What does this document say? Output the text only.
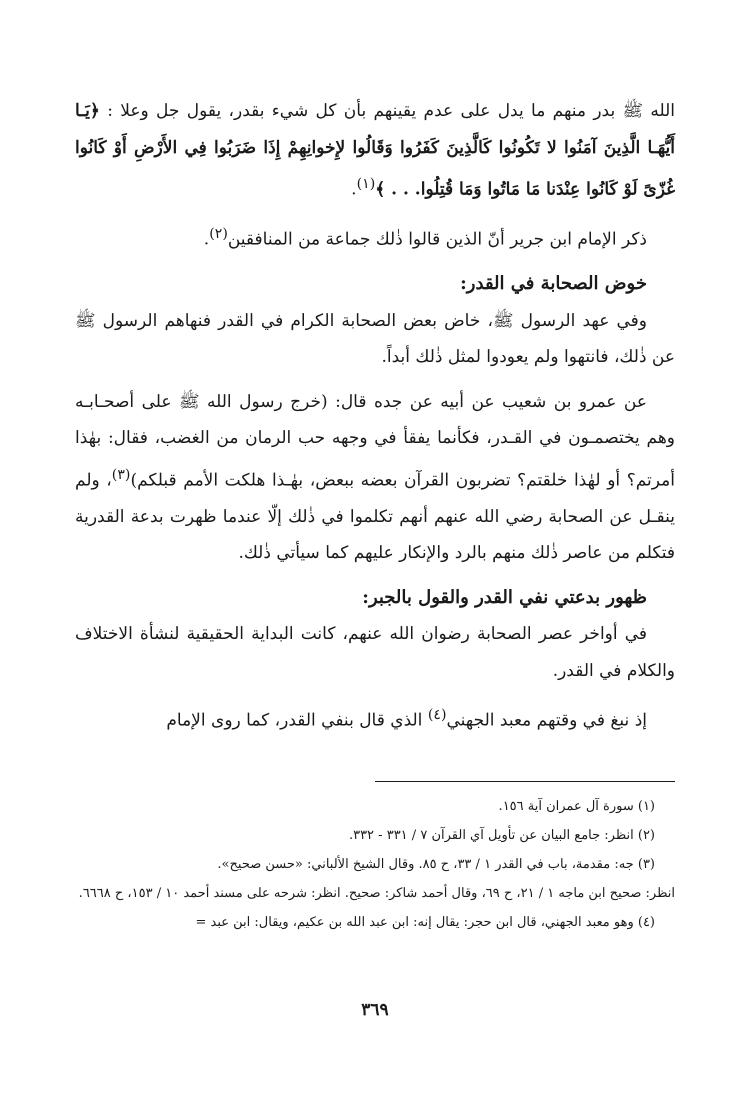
الله ﷺ بدر منهم ما يدل على عدم يقينهم بأن كل شيء بقدر، يقول جل وعلا : ﴿يَـا أَيُّهَـا الَّذِينَ آمَنُوا لا تَكُونُوا كَالَّذِينَ كَفَرُوا وَقَالُوا لإِخوانِهِمْ إِذَا ضَرَبُوا فِي الأَرْضِ أَوْ كَانُوا غُزّىً لَوْ كَانُوا عِنْدَنا مَا مَاتُوا وَمَا قُتِلُوا. . . ﴾$^{(١)}$.

ذكر الإمام ابن جرير أنّ الذين قالوا ذٰلك جماعة من المنافقين$^{(٢)}$.

خوض الصحابة في القدر:

وفي عهد الرسول ﷺ، خاض بعض الصحابة الكرام في القدر فنهاهم الرسول ﷺ عن ذٰلك، فانتهوا ولم يعودوا لمثل ذٰلك أبداً.

عن عمرو بن شعيب عن أبيه عن جده قال: (خرج رسول الله ﷺ على أصحـابـه وهم يختصمـون في القـدر، فكأنما يفقأ في وجهه حب الرمان من الغضب، فقال: بهٰذا أمرتم؟ أو لهٰذا خلقتم؟ تضربون القرآن بعضه ببعض، بهٰـذا هلكت الأمم قبلكم)$^{(٣)}$، ولم ينقـل عن الصحابة رضي الله عنهم أنهم تكلموا في ذٰلك إلّا عندما ظهرت بدعة القدرية فتكلم من عاصر ذٰلك منهم بالرد والإنكار عليهم كما سيأتي ذٰلك.

ظهور بدعتي نفي القدر والقول بالجبر:

في أواخر عصر الصحابة رضوان الله عنهم، كانت البداية الحقيقية لنشأة الاختلاف والكلام في القدر.

إذ نبغ في وقتهم معبد الجهني$^{(٤)}$ الذي قال بنفي القدر، كما روى الإمام

(١) سورة آل عمران آية ١٥٦.

(٢) انظر: جامع البيان عن تأويل آي القرآن ٧ / ٣٣١ - ٣٣٢.

(٣) جه: مقدمة، باب في القدر ١ / ٣٣، ح ٨٥. وقال الشيخ الألباني: «حسن صحيح».

انظر: صحيح ابن ماجه ١ / ٢١، ح ٦٩، وقال أحمد شاكر: صحيح. انظر: شرحه على مسند أحمد ١٠ / ١٥٣، ح ٦٦٦٨.

(٤) وهو معبد الجهني، قال ابن حجر: يقال إنه: ابن عبد الله بن عكيم، ويقال: ابن عبد =

٣٦٩
